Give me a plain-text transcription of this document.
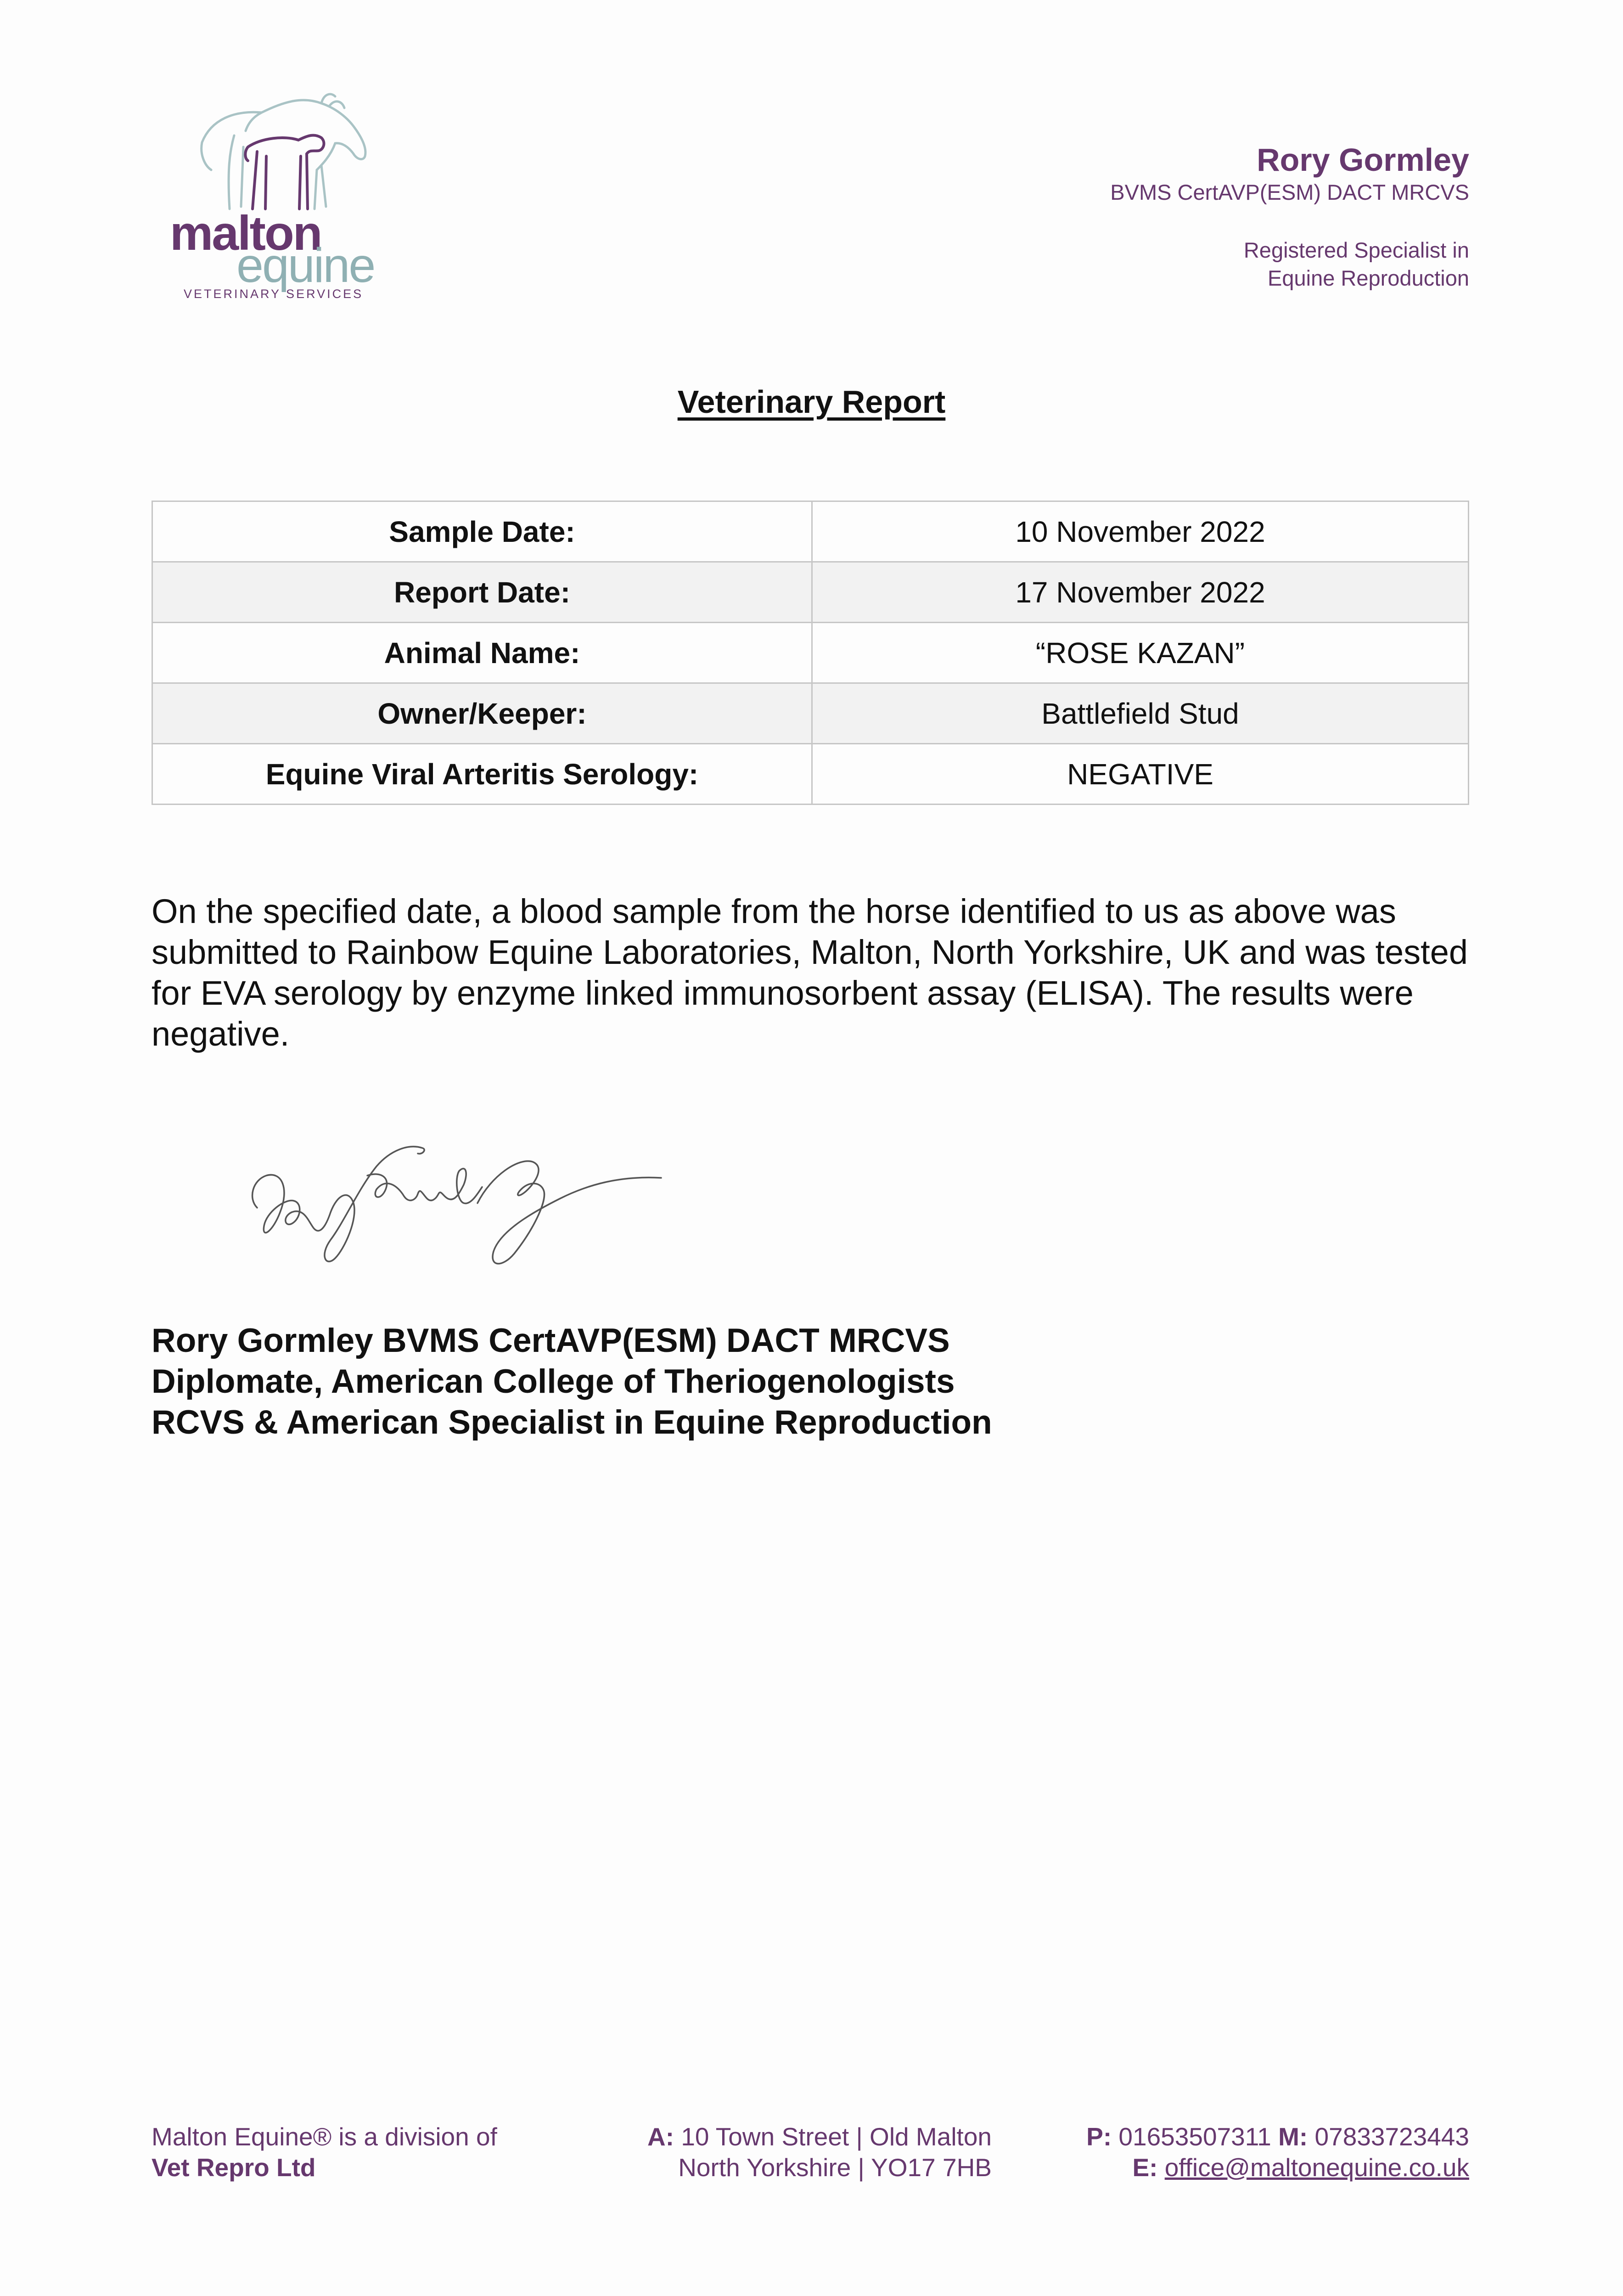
malton
equine
VETERINARY SERVICES
Rory Gormley
BVMS CertAVP(ESM) DACT MRCVS
Registered Specialist in
Equine Reproduction
Veterinary Report
Sample Date:	10 November 2022
Report Date:	17 November 2022
Animal Name:	“ROSE KAZAN”
Owner/Keeper:	Battlefield Stud
Equine Viral Arteritis Serology:	NEGATIVE
On the specified date, a blood sample from the horse identified to us as above was submitted to Rainbow Equine Laboratories, Malton, North Yorkshire, UK and was tested for EVA serology by enzyme linked immunosorbent assay (ELISA). The results were negative.
Rory Gormley BVMS CertAVP(ESM) DACT MRCVS
Diplomate, American College of Theriogenologists
RCVS & American Specialist in Equine Reproduction
Malton Equine® is a division of
Vet Repro Ltd
A: 10 Town Street | Old Malton
North Yorkshire | YO17 7HB
P: 01653507311 M: 07833723443
E: office@maltonequine.co.uk
